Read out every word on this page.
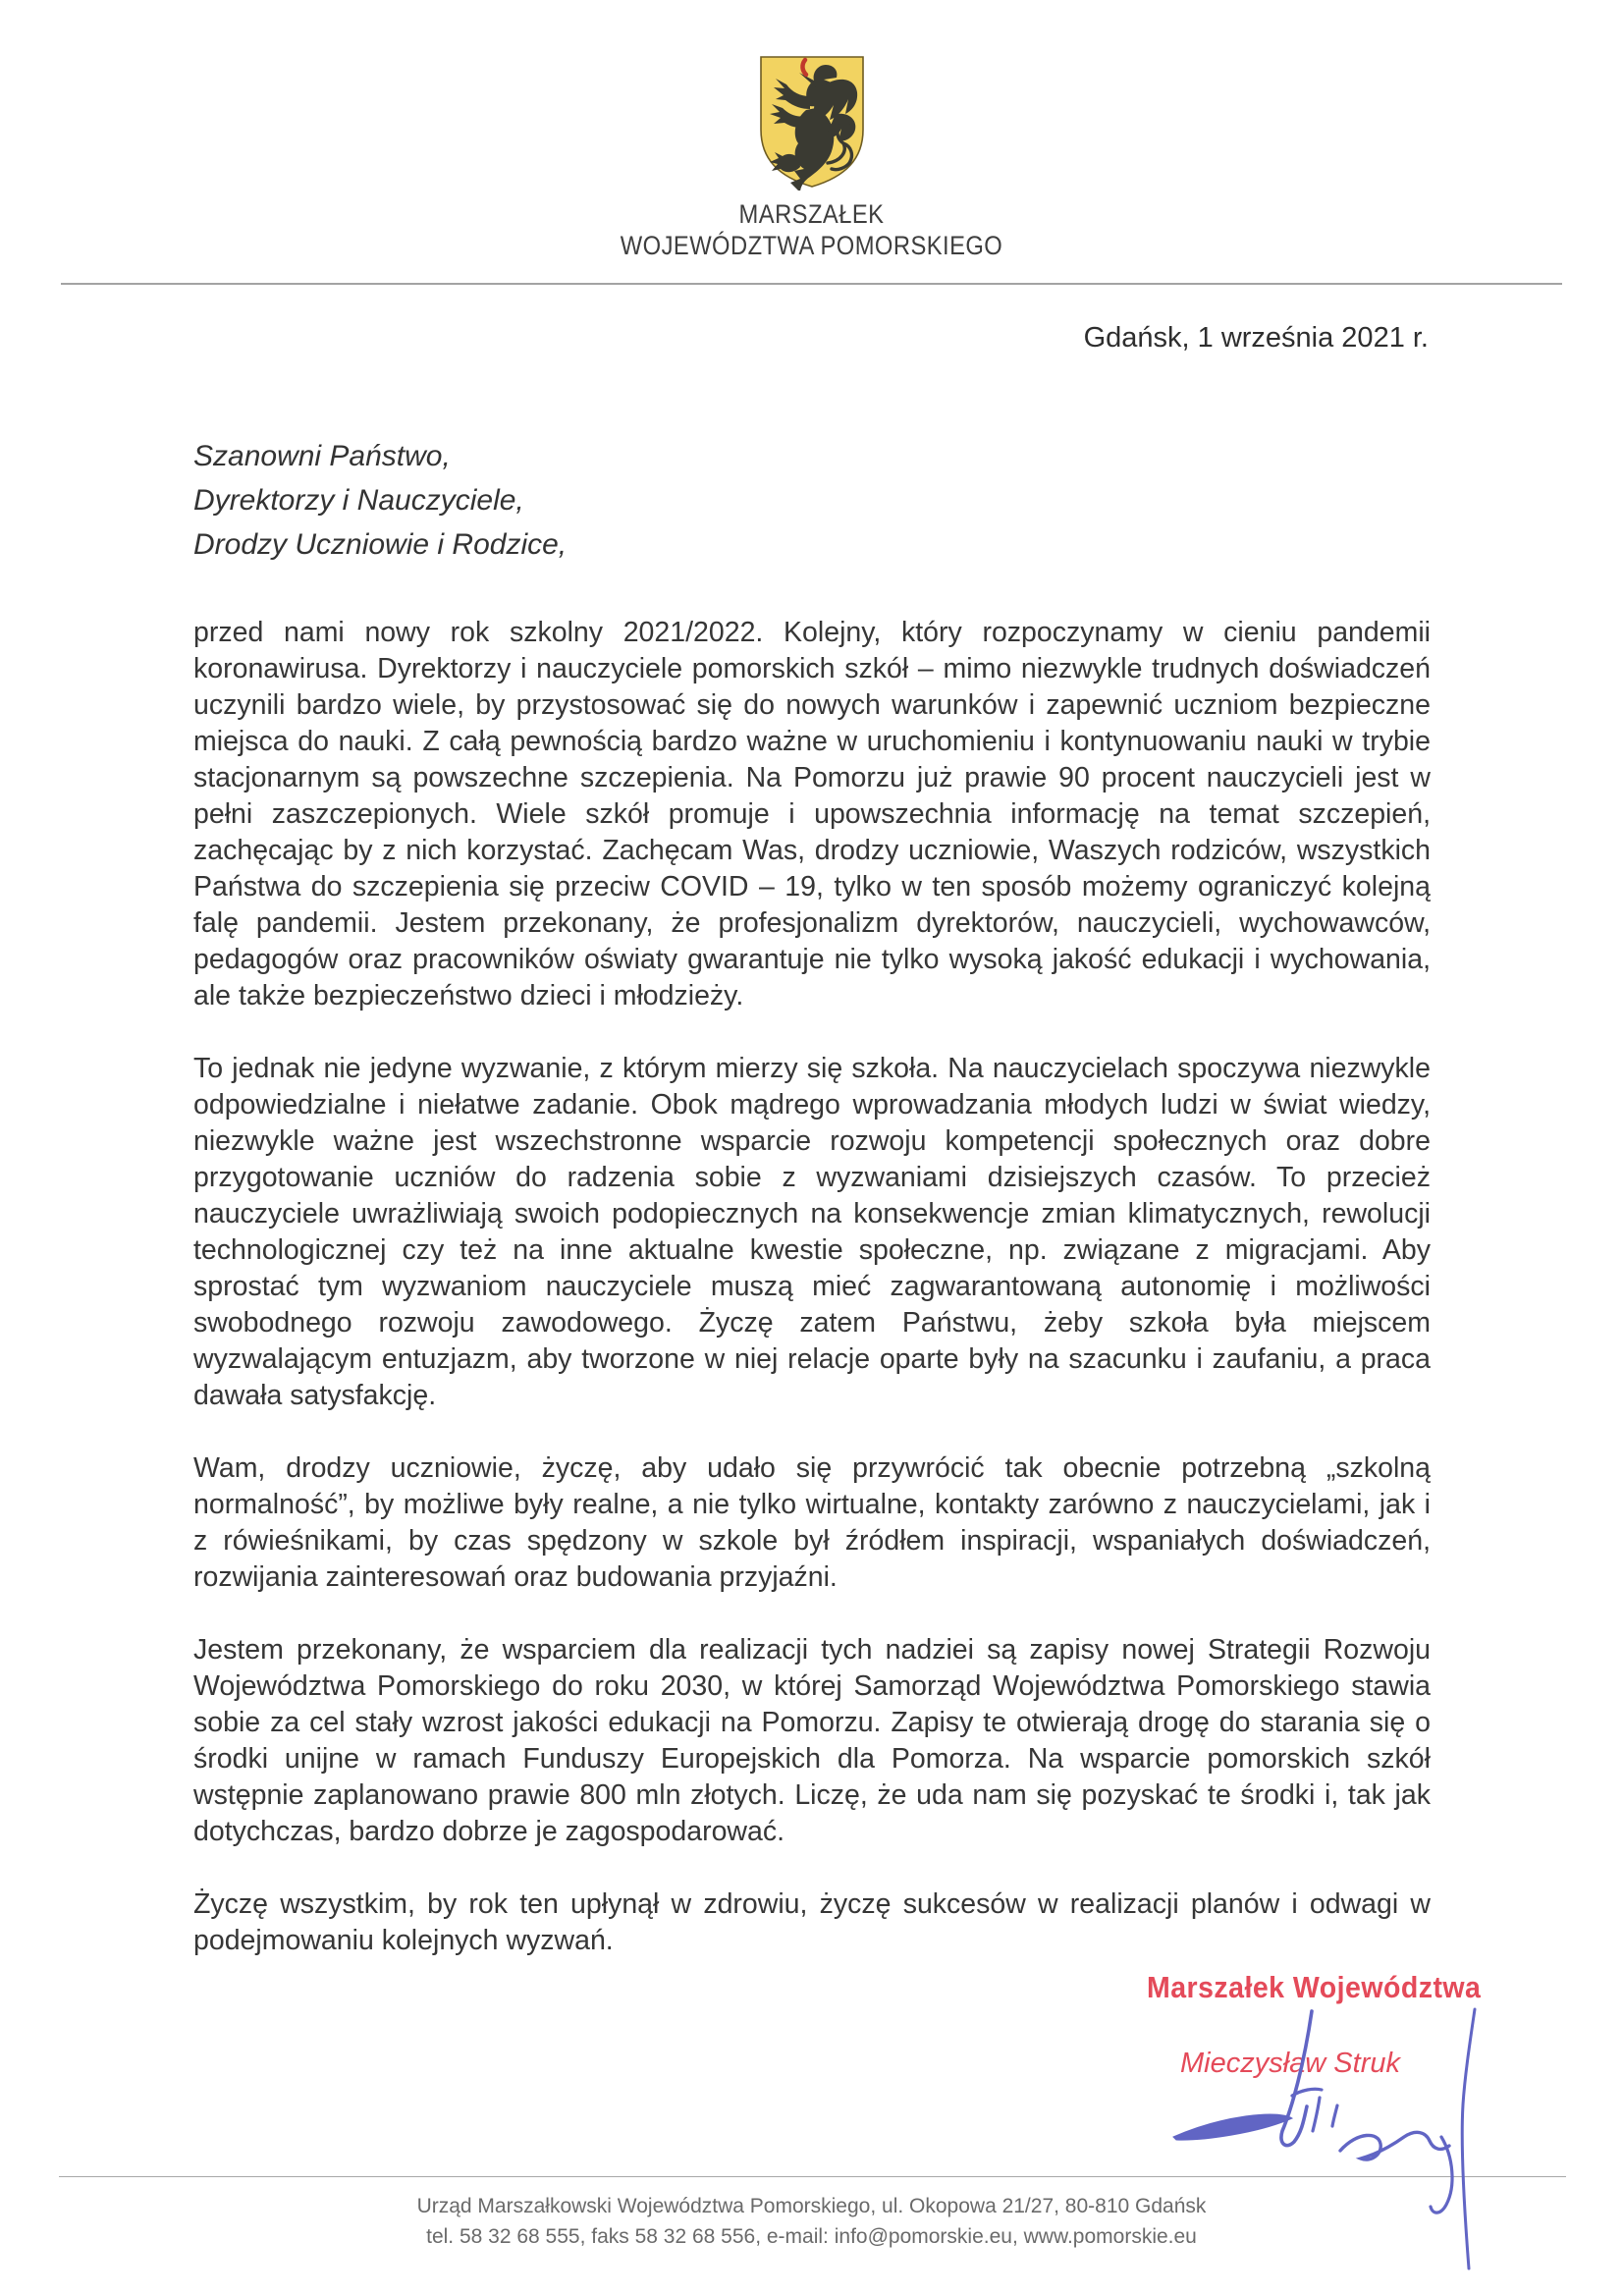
MARSZAŁEK
WOJEWÓDZTWA POMORSKIEGO
Gdańsk, 1 września 2021 r.
Szanowni Państwo,
Dyrektorzy i Nauczyciele,
Drodzy Uczniowie i Rodzice,

przed nami nowy rok szkolny 2021/2022. Kolejny, który rozpoczynamy w cieniu pandemii koronawirusa. Dyrektorzy i nauczyciele pomorskich szkół – mimo niezwykle trudnych doświadczeń uczynili bardzo wiele, by przystosować się do nowych warunków i zapewnić uczniom bezpieczne miejsca do nauki. Z całą pewnością bardzo ważne w uruchomieniu i kontynuowaniu nauki w trybie stacjonarnym są powszechne szczepienia. Na Pomorzu już prawie 90 procent nauczycieli jest w pełni zaszczepionych. Wiele szkół promuje i upowszechnia informację na temat szczepień, zachęcając by z nich korzystać. Zachęcam Was, drodzy uczniowie, Waszych rodziców, wszystkich Państwa do szczepienia się przeciw COVID – 19, tylko w ten sposób możemy ograniczyć kolejną falę pandemii. Jestem przekonany, że profesjonalizm dyrektorów, nauczycieli, wychowawców, pedagogów oraz pracowników oświaty gwarantuje nie tylko wysoką jakość edukacji i wychowania, ale także bezpieczeństwo dzieci i młodzieży.

To jednak nie jedyne wyzwanie, z którym mierzy się szkoła. Na nauczycielach spoczywa niezwykle odpowiedzialne i niełatwe zadanie. Obok mądrego wprowadzania młodych ludzi w świat wiedzy, niezwykle ważne jest wszechstronne wsparcie rozwoju kompetencji społecznych oraz dobre przygotowanie uczniów do radzenia sobie z wyzwaniami dzisiejszych czasów. To przecież nauczyciele uwrażliwiają swoich podopiecznych na konsekwencje zmian klimatycznych, rewolucji technologicznej czy też na inne aktualne kwestie społeczne, np. związane z migracjami. Aby sprostać tym wyzwaniom nauczyciele muszą mieć zagwarantowaną autonomię i możliwości swobodnego rozwoju zawodowego. Życzę zatem Państwu, żeby szkoła była miejscem wyzwalającym entuzjazm, aby tworzone w niej relacje oparte były na szacunku i zaufaniu, a praca dawała satysfakcję.

Wam, drodzy uczniowie, życzę, aby udało się przywrócić tak obecnie potrzebną „szkolną normalność”, by możliwe były realne, a nie tylko wirtualne, kontakty zarówno z nauczycielami, jak i z rówieśnikami, by czas spędzony w szkole był źródłem inspiracji, wspaniałych doświadczeń, rozwijania zainteresowań oraz budowania przyjaźni.

Jestem przekonany, że wsparciem dla realizacji tych nadziei są zapisy nowej Strategii Rozwoju Województwa Pomorskiego do roku 2030, w której Samorząd Województwa Pomorskiego stawia sobie za cel stały wzrost jakości edukacji na Pomorzu. Zapisy te otwierają drogę do starania się o środki unijne w ramach Funduszy Europejskich dla Pomorza. Na wsparcie pomorskich szkół wstępnie zaplanowano prawie 800 mln złotych. Liczę, że uda nam się pozyskać te środki i, tak jak dotychczas, bardzo dobrze je zagospodarować.

Życzę wszystkim, by rok ten upłynął w zdrowiu, życzę sukcesów w realizacji planów i odwagi w podejmowaniu kolejnych wyzwań.

Marszałek Województwa
Mieczysław Struk
Urząd Marszałkowski Województwa Pomorskiego, ul. Okopowa 21/27, 80-810 Gdańsk
tel. 58 32 68 555, faks 58 32 68 556, e-mail: info@pomorskie.eu, www.pomorskie.eu
